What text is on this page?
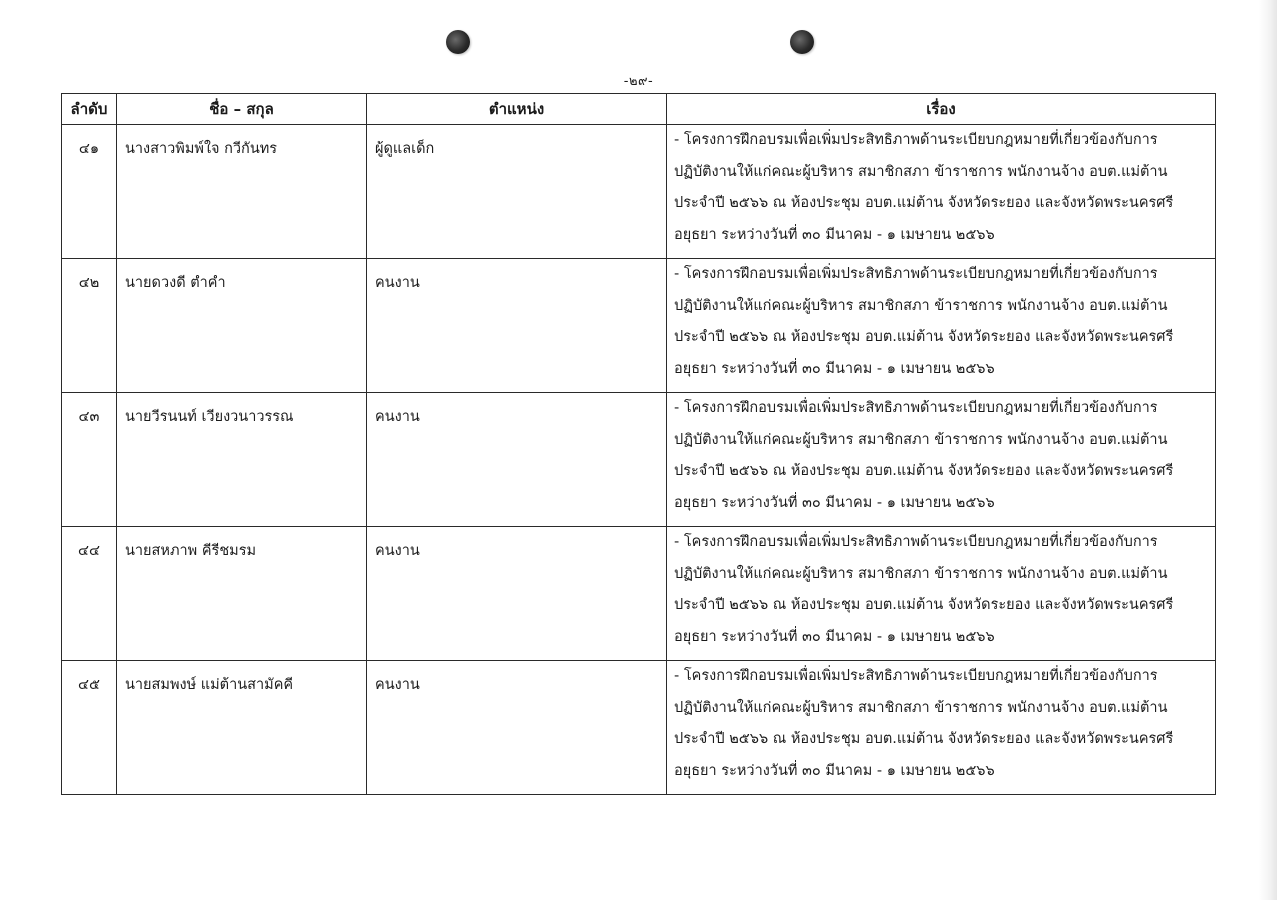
-๒๙-
ลำดับ	ชื่อ – สกุล	ตำแหน่ง	เรื่อง

๔๑	นางสาวพิมพ์ใจ กวีกันทร	ผู้ดูแลเด็ก	- โครงการฝึกอบรมเพื่อเพิ่มประสิทธิภาพด้านระเบียบกฎหมายที่เกี่ยวข้องกับการ
ปฏิบัติงานให้แก่คณะผู้บริหาร สมาชิกสภา ข้าราชการ พนักงานจ้าง อบต.แม่ต้าน
ประจำปี ๒๕๖๖ ณ ห้องประชุม อบต.แม่ต้าน จังหวัดระยอง และจังหวัดพระนครศรี
อยุธยา ระหว่างวันที่ ๓๐ มีนาคม - ๑ เมษายน ๒๕๖๖

๔๒	นายดวงดี ตำคำ	คนงาน	- โครงการฝึกอบรมเพื่อเพิ่มประสิทธิภาพด้านระเบียบกฎหมายที่เกี่ยวข้องกับการ
ปฏิบัติงานให้แก่คณะผู้บริหาร สมาชิกสภา ข้าราชการ พนักงานจ้าง อบต.แม่ต้าน
ประจำปี ๒๕๖๖ ณ ห้องประชุม อบต.แม่ต้าน จังหวัดระยอง และจังหวัดพระนครศรี
อยุธยา ระหว่างวันที่ ๓๐ มีนาคม - ๑ เมษายน ๒๕๖๖

๔๓	นายวีรนนท์ เวียงวนาวรรณ	คนงาน	- โครงการฝึกอบรมเพื่อเพิ่มประสิทธิภาพด้านระเบียบกฎหมายที่เกี่ยวข้องกับการ
ปฏิบัติงานให้แก่คณะผู้บริหาร สมาชิกสภา ข้าราชการ พนักงานจ้าง อบต.แม่ต้าน
ประจำปี ๒๕๖๖ ณ ห้องประชุม อบต.แม่ต้าน จังหวัดระยอง และจังหวัดพระนครศรี
อยุธยา ระหว่างวันที่ ๓๐ มีนาคม - ๑ เมษายน ๒๕๖๖

๔๔	นายสหภาพ คีรีชมรม	คนงาน	- โครงการฝึกอบรมเพื่อเพิ่มประสิทธิภาพด้านระเบียบกฎหมายที่เกี่ยวข้องกับการ
ปฏิบัติงานให้แก่คณะผู้บริหาร สมาชิกสภา ข้าราชการ พนักงานจ้าง อบต.แม่ต้าน
ประจำปี ๒๕๖๖ ณ ห้องประชุม อบต.แม่ต้าน จังหวัดระยอง และจังหวัดพระนครศรี
อยุธยา ระหว่างวันที่ ๓๐ มีนาคม - ๑ เมษายน ๒๕๖๖

๔๕	นายสมพงษ์ แม่ต้านสามัคคี	คนงาน	- โครงการฝึกอบรมเพื่อเพิ่มประสิทธิภาพด้านระเบียบกฎหมายที่เกี่ยวข้องกับการ
ปฏิบัติงานให้แก่คณะผู้บริหาร สมาชิกสภา ข้าราชการ พนักงานจ้าง อบต.แม่ต้าน
ประจำปี ๒๕๖๖ ณ ห้องประชุม อบต.แม่ต้าน จังหวัดระยอง และจังหวัดพระนครศรี
อยุธยา ระหว่างวันที่ ๓๐ มีนาคม - ๑ เมษายน ๒๕๖๖
